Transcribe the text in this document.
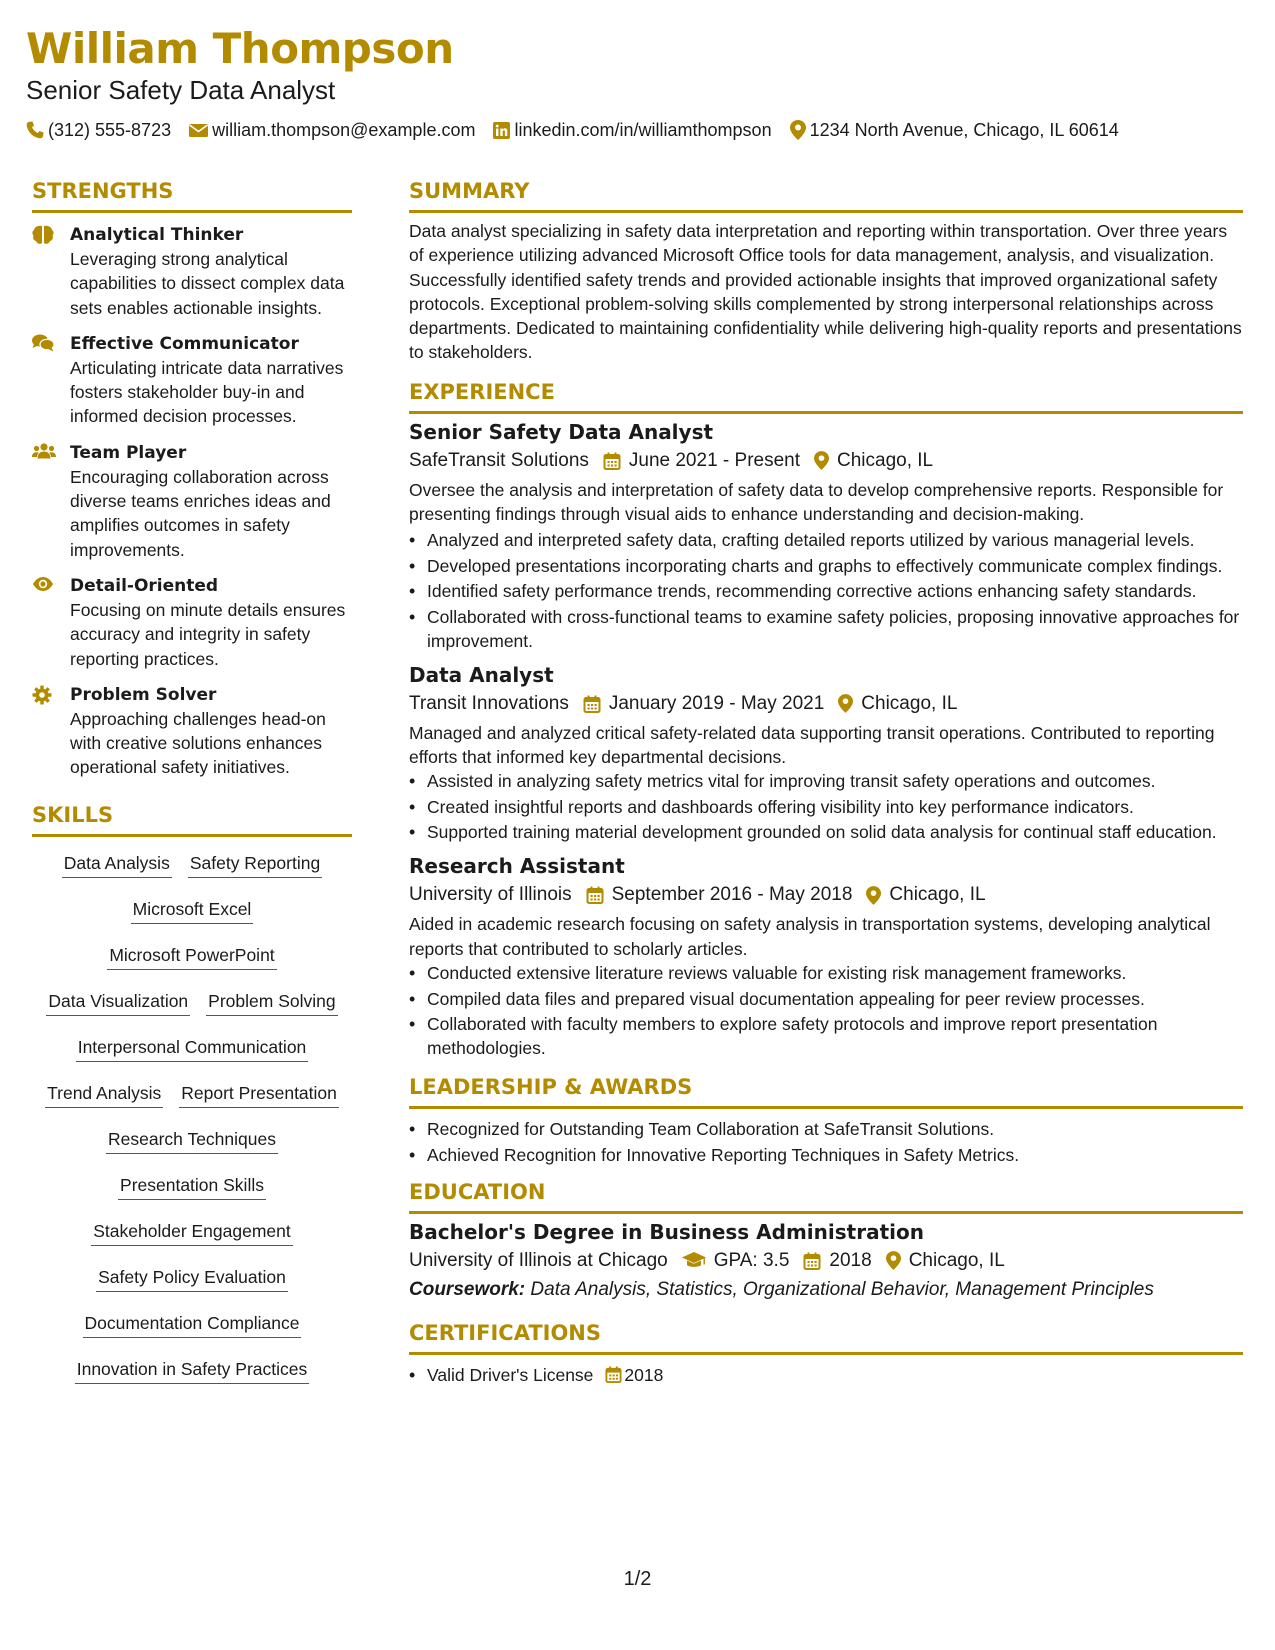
William Thompson
Senior Safety Data Analyst
(312) 555-8723 william.thompson@example.com linkedin.com/in/williamthompson 1234 North Avenue, Chicago, IL 60614
STRENGTHS
Analytical Thinker
Leveraging strong analytical capabilities to dissect complex data sets enables actionable insights.
Effective Communicator
Articulating intricate data narratives fosters stakeholder buy-in and informed decision processes.
Team Player
Encouraging collaboration across diverse teams enriches ideas and amplifies outcomes in safety improvements.
Detail-Oriented
Focusing on minute details ensures accuracy and integrity in safety reporting practices.
Problem Solver
Approaching challenges head-on with creative solutions enhances operational safety initiatives.
SKILLS
Data Analysis Safety Reporting
Microsoft Excel
Microsoft PowerPoint
Data Visualization Problem Solving
Interpersonal Communication
Trend Analysis Report Presentation
Research Techniques
Presentation Skills
Stakeholder Engagement
Safety Policy Evaluation
Documentation Compliance
Innovation in Safety Practices
SUMMARY
Data analyst specializing in safety data interpretation and reporting within transportation. Over three years of experience utilizing advanced Microsoft Office tools for data management, analysis, and visualization. Successfully identified safety trends and provided actionable insights that improved organizational safety protocols. Exceptional problem-solving skills complemented by strong interpersonal relationships across departments. Dedicated to maintaining confidentiality while delivering high-quality reports and presentations to stakeholders.
EXPERIENCE
Senior Safety Data Analyst
SafeTransit Solutions June 2021 - Present Chicago, IL
Oversee the analysis and interpretation of safety data to develop comprehensive reports. Responsible for presenting findings through visual aids to enhance understanding and decision-making.
• Analyzed and interpreted safety data, crafting detailed reports utilized by various managerial levels.
• Developed presentations incorporating charts and graphs to effectively communicate complex findings.
• Identified safety performance trends, recommending corrective actions enhancing safety standards.
• Collaborated with cross-functional teams to examine safety policies, proposing innovative approaches for improvement.
Data Analyst
Transit Innovations January 2019 - May 2021 Chicago, IL
Managed and analyzed critical safety-related data supporting transit operations. Contributed to reporting efforts that informed key departmental decisions.
• Assisted in analyzing safety metrics vital for improving transit safety operations and outcomes.
• Created insightful reports and dashboards offering visibility into key performance indicators.
• Supported training material development grounded on solid data analysis for continual staff education.
Research Assistant
University of Illinois September 2016 - May 2018 Chicago, IL
Aided in academic research focusing on safety analysis in transportation systems, developing analytical reports that contributed to scholarly articles.
• Conducted extensive literature reviews valuable for existing risk management frameworks.
• Compiled data files and prepared visual documentation appealing for peer review processes.
• Collaborated with faculty members to explore safety protocols and improve report presentation methodologies.
LEADERSHIP & AWARDS
• Recognized for Outstanding Team Collaboration at SafeTransit Solutions.
• Achieved Recognition for Innovative Reporting Techniques in Safety Metrics.
EDUCATION
Bachelor's Degree in Business Administration
University of Illinois at Chicago GPA: 3.5 2018 Chicago, IL
Coursework: Data Analysis, Statistics, Organizational Behavior, Management Principles
CERTIFICATIONS
• Valid Driver's License 2018
1/2
